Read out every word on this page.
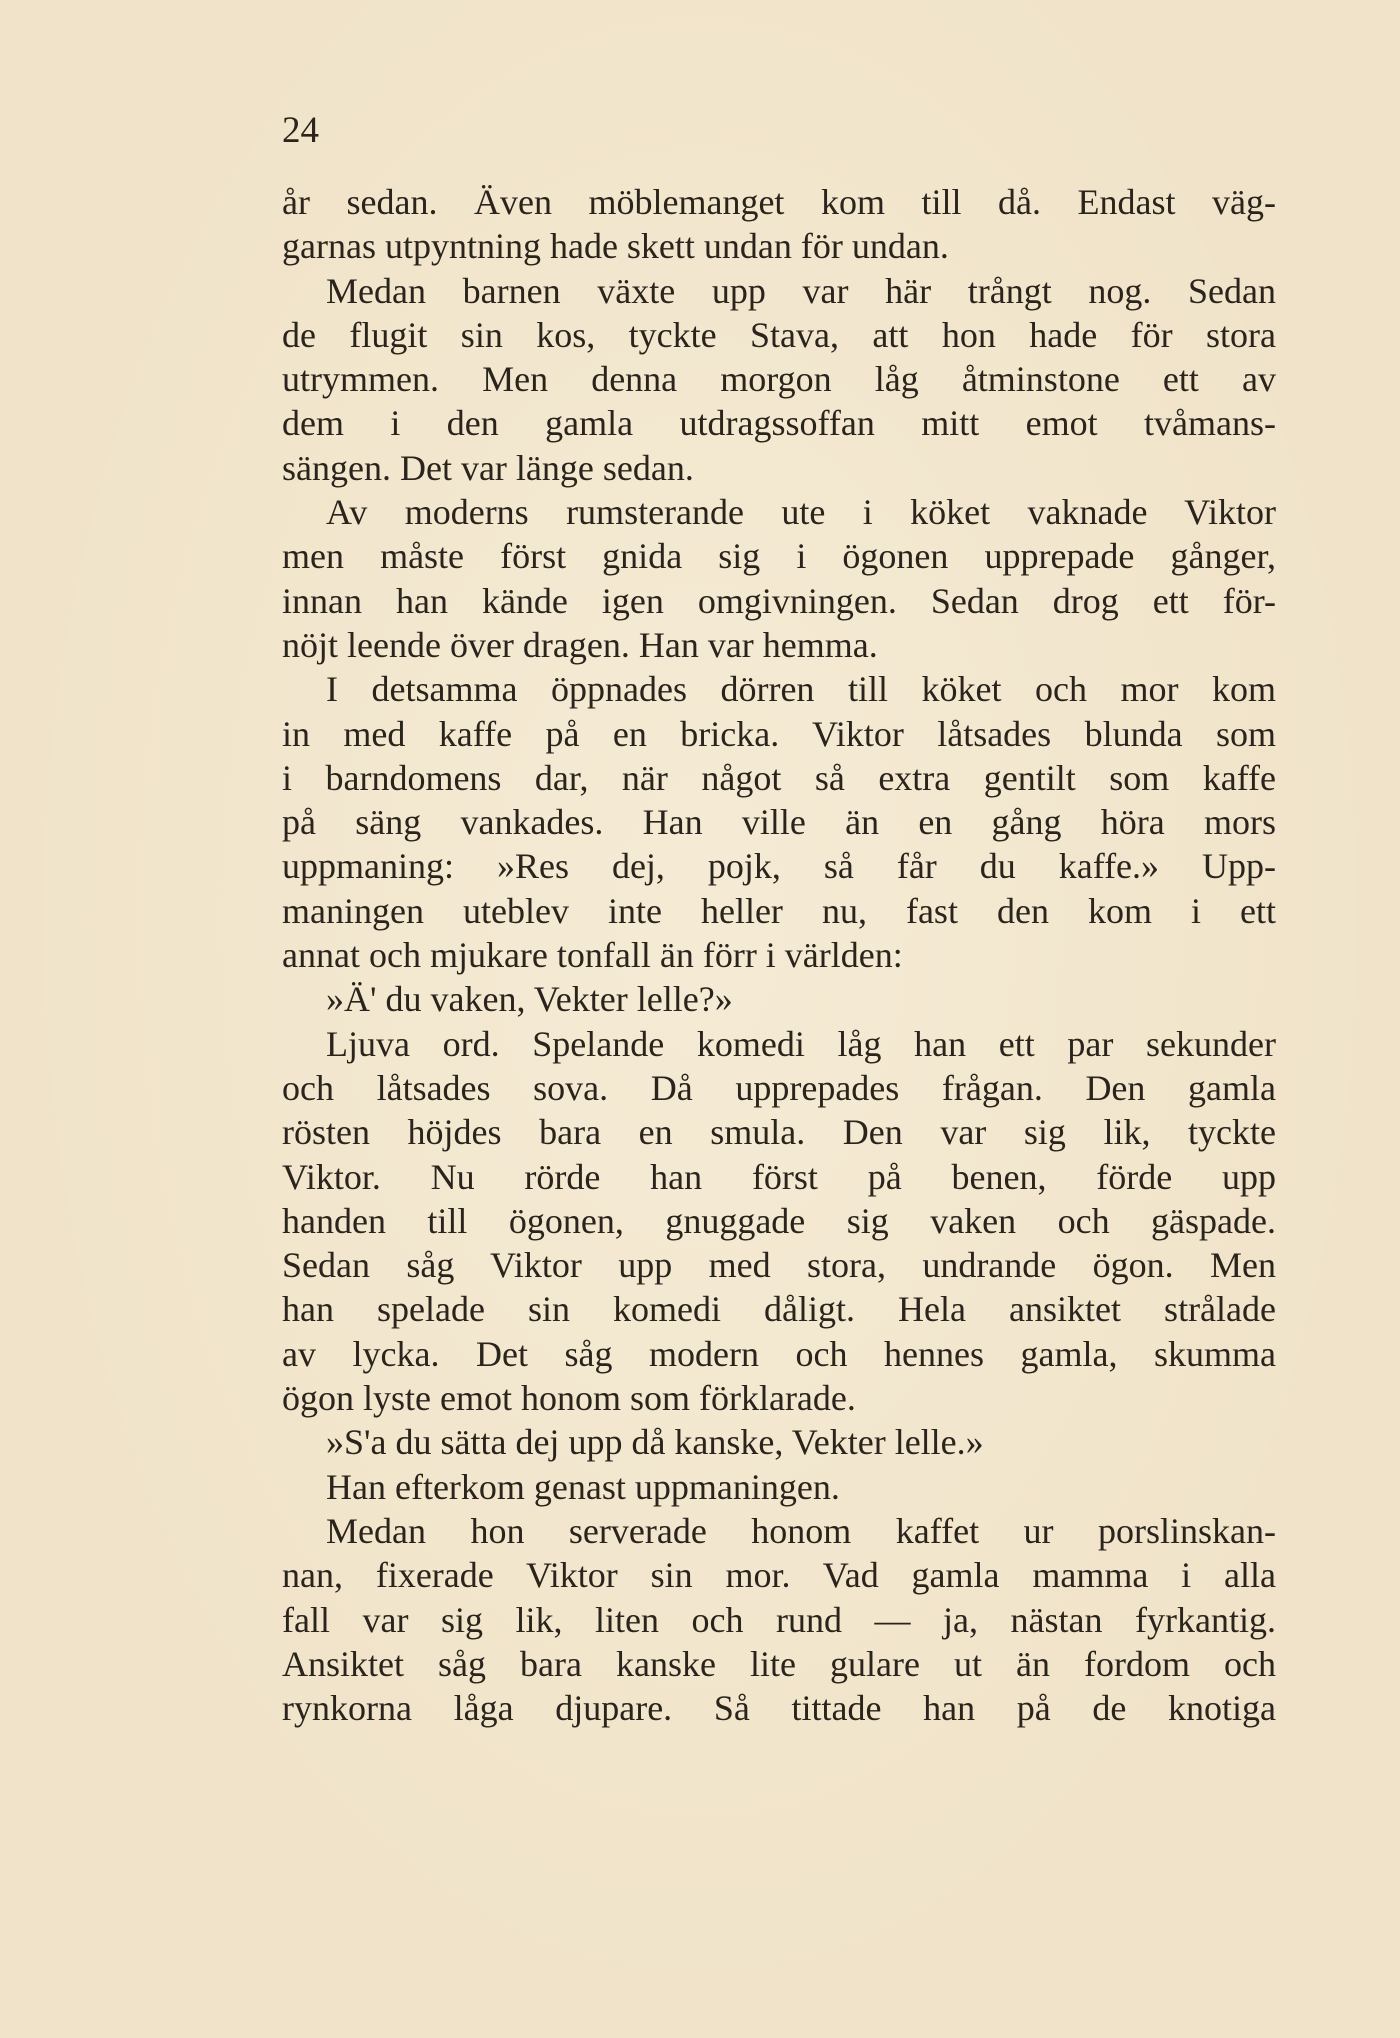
24
år sedan. Även möblemanget kom till då. Endast väg-
garnas utpyntning hade skett undan för undan.
Medan barnen växte upp var här trångt nog. Sedan
de flugit sin kos, tyckte Stava, att hon hade för stora
utrymmen. Men denna morgon låg åtminstone ett av
dem i den gamla utdragssoffan mitt emot tvåmans-
sängen. Det var länge sedan.
Av moderns rumsterande ute i köket vaknade Viktor
men måste först gnida sig i ögonen upprepade gånger,
innan han kände igen omgivningen. Sedan drog ett för-
nöjt leende över dragen. Han var hemma.
I detsamma öppnades dörren till köket och mor kom
in med kaffe på en bricka. Viktor låtsades blunda som
i barndomens dar, när något så extra gentilt som kaffe
på säng vankades. Han ville än en gång höra mors
uppmaning: »Res dej, pojk, så får du kaffe.» Upp-
maningen uteblev inte heller nu, fast den kom i ett
annat och mjukare tonfall än förr i världen:
»Ä' du vaken, Vekter lelle?»
Ljuva ord. Spelande komedi låg han ett par sekunder
och låtsades sova. Då upprepades frågan. Den gamla
rösten höjdes bara en smula. Den var sig lik, tyckte
Viktor. Nu rörde han först på benen, förde upp
handen till ögonen, gnuggade sig vaken och gäspade.
Sedan såg Viktor upp med stora, undrande ögon. Men
han spelade sin komedi dåligt. Hela ansiktet strålade
av lycka. Det såg modern och hennes gamla, skumma
ögon lyste emot honom som förklarade.
»S'a du sätta dej upp då kanske, Vekter lelle.»
Han efterkom genast uppmaningen.
Medan hon serverade honom kaffet ur porslinskan-
nan, fixerade Viktor sin mor. Vad gamla mamma i alla
fall var sig lik, liten och rund — ja, nästan fyrkantig.
Ansiktet såg bara kanske lite gulare ut än fordom och
rynkorna låga djupare. Så tittade han på de knotiga
